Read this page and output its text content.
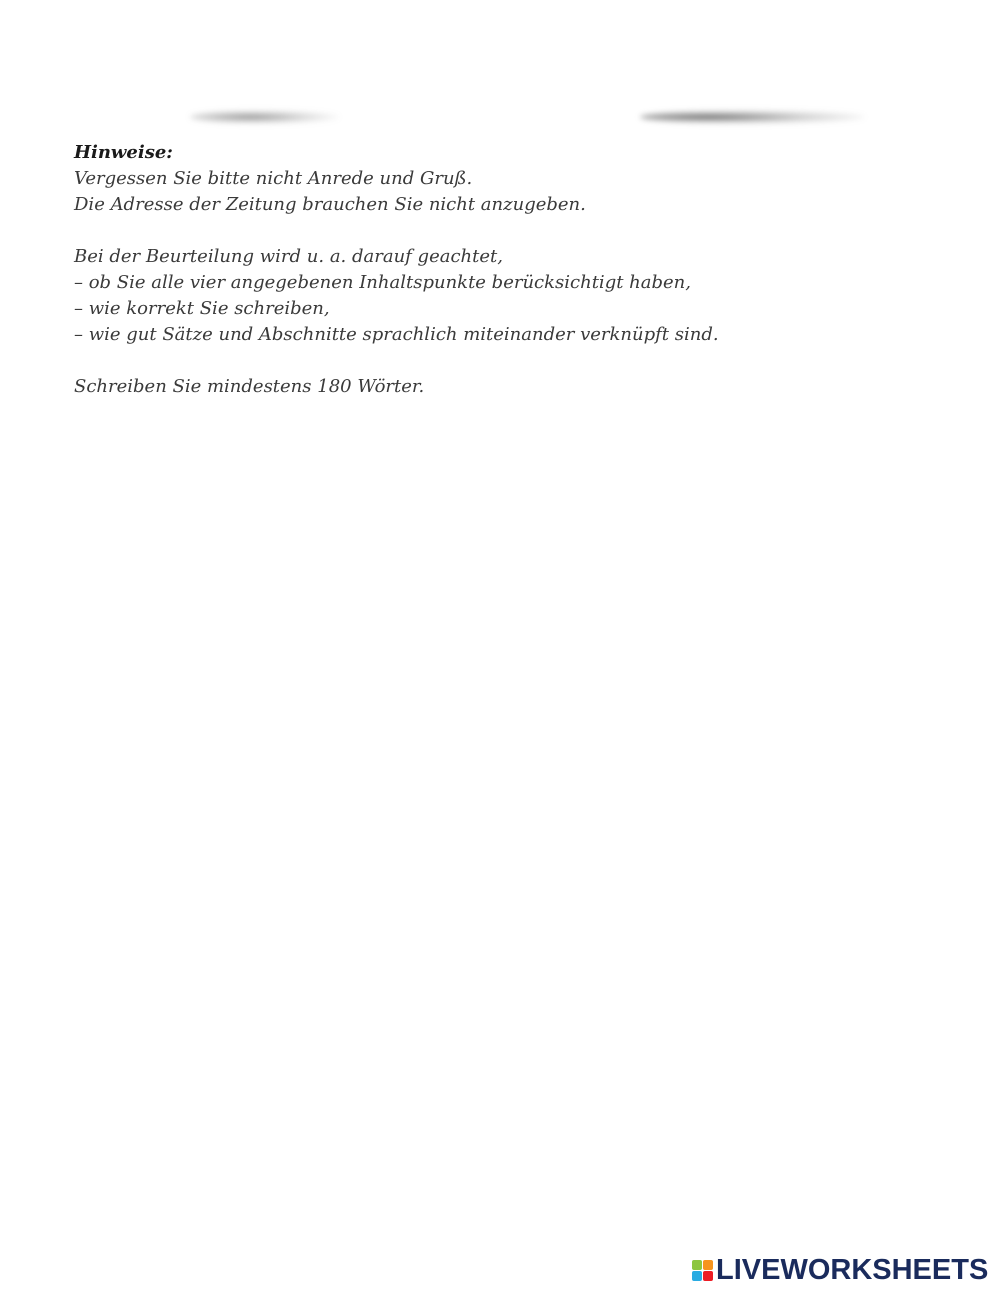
Hinweise:
Vergessen Sie bitte nicht Anrede und Gruß.
Die Adresse der Zeitung brauchen Sie nicht anzugeben.
Bei der Beurteilung wird u. a. darauf geachtet,
– ob Sie alle vier angegebenen Inhaltspunkte berücksichtigt haben,
– wie korrekt Sie schreiben,
– wie gut Sätze und Abschnitte sprachlich miteinander verknüpft sind.
Schreiben Sie mindestens 180 Wörter.
LIVEWORKSHEETS
